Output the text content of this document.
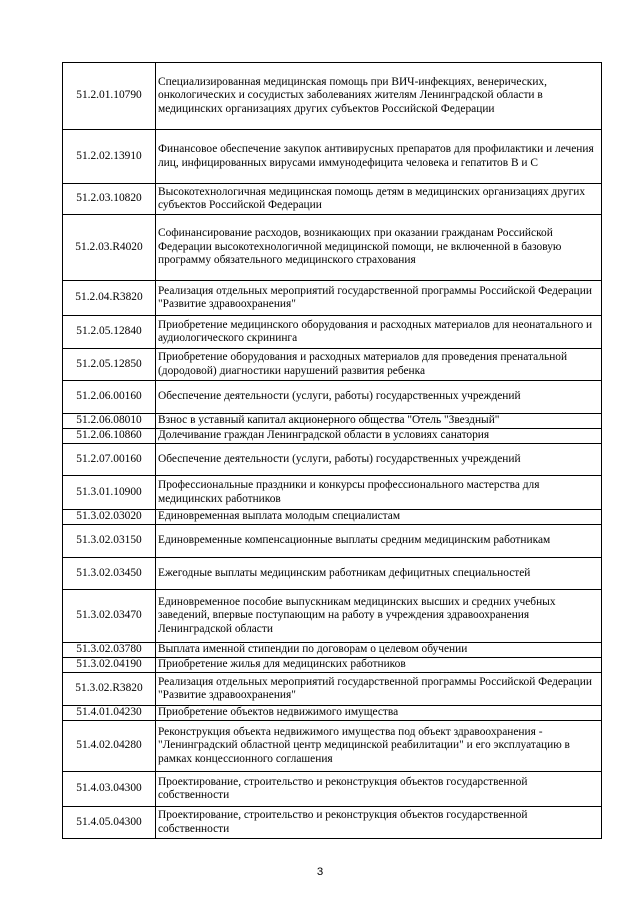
51.2.01.10790	Специализированная медицинская помощь при ВИЧ-инфекциях, венерических, онкологических и сосудистых заболеваниях жителям Ленинградской области в медицинских организациях других субъектов Российской Федерации
51.2.02.13910	Финансовое обеспечение закупок антивирусных препаратов для профилактики и лечения лиц, инфицированных вирусами иммунодефицита человека и гепатитов В и С
51.2.03.10820	Высокотехнологичная медицинская помощь детям в медицинских организациях других субъектов Российской Федерации
51.2.03.R4020	Софинансирование расходов, возникающих при оказании гражданам Российской Федерации высокотехнологичной медицинской помощи, не включенной в базовую программу обязательного медицинского страхования
51.2.04.R3820	Реализация отдельных мероприятий государственной программы Российской Федерации "Развитие здравоохранения"
51.2.05.12840	Приобретение медицинского оборудования и расходных материалов для неонатального и аудиологического скрининга
51.2.05.12850	Приобретение оборудования и расходных материалов для проведения пренатальной (дородовой) диагностики нарушений развития ребенка
51.2.06.00160	Обеспечение деятельности (услуги, работы) государственных учреждений
51.2.06.08010	Взнос в уставный капитал акционерного общества "Отель "Звездный"
51.2.06.10860	Долечивание граждан Ленинградской области в условиях санатория
51.2.07.00160	Обеспечение деятельности (услуги, работы) государственных учреждений
51.3.01.10900	Профессиональные праздники и конкурсы профессионального мастерства для медицинских работников
51.3.02.03020	Единовременная выплата молодым специалистам
51.3.02.03150	Единовременные компенсационные выплаты средним медицинским работникам
51.3.02.03450	Ежегодные выплаты медицинским работникам дефицитных специальностей
51.3.02.03470	Единовременное пособие выпускникам медицинских высших и средних учебных заведений, впервые поступающим на работу в учреждения здравоохранения Ленинградской области
51.3.02.03780	Выплата именной стипендии по договорам о целевом обучении
51.3.02.04190	Приобретение жилья для медицинских работников
51.3.02.R3820	Реализация отдельных мероприятий государственной программы Российской Федерации "Развитие здравоохранения"
51.4.01.04230	Приобретение объектов недвижимого имущества
51.4.02.04280	Реконструкция объекта недвижимого имущества под объект здравоохранения - "Ленинградский областной центр медицинской реабилитации" и его эксплуатацию в рамках концессионного соглашения
51.4.03.04300	Проектирование, строительство и реконструкция объектов государственной собственности
51.4.05.04300	Проектирование, строительство и реконструкция объектов государственной собственности
3
